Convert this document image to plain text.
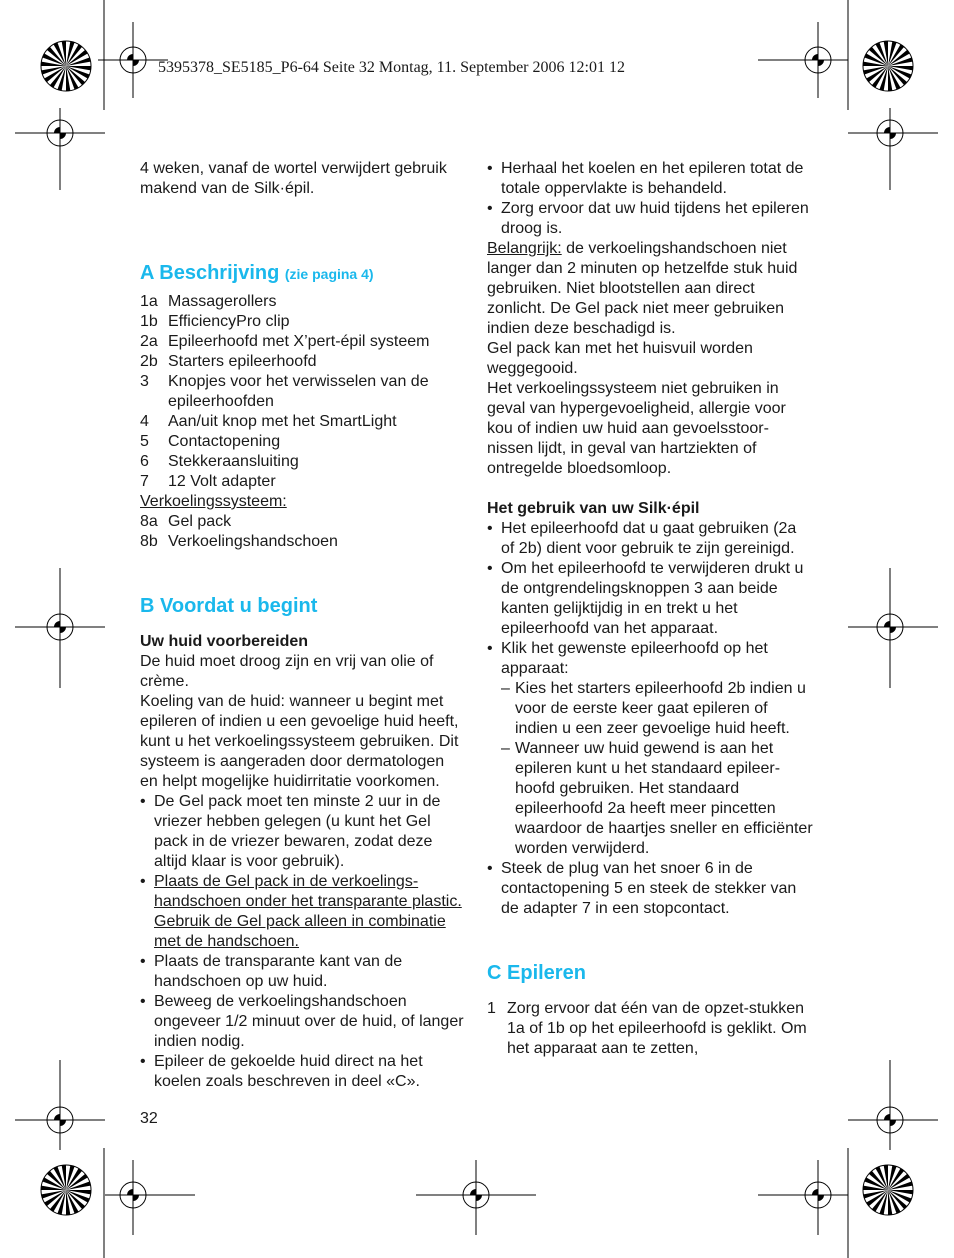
5395378_SE5185_P6-64 Seite 32 Montag, 11. September 2006 12:01 12

4 weken, vanaf de wortel verwijdert gebruik makend van de Silk·épil.

A Beschrijving (zie pagina 4)

1a Massagerollers
1b EfficiencyPro clip
2a Epileerhoofd met X’pert-épil systeem
2b Starters epileerhoofd
3	Knopjes voor het verwisselen van de epileerhoofden
4	Aan/uit knop met het SmartLight
5	Contactopening
6	Stekkeraansluiting
7	12 Volt adapter

Verkoelingssysteem:

8a Gel pack
8b Verkoelingshandschoen

B Voordat u begint

Uw huid voorbereiden

De huid moet droog zijn en vrij van olie of crème.

Koeling van de huid: wanneer u begint met epileren of indien u een gevoelige huid heeft, kunt u het verkoelingssysteem gebruiken. Dit systeem is aangeraden door dermatologen en helpt mogelijke huidirritatie voorkomen.

• De Gel pack moet ten minste 2 uur in de vriezer hebben gelegen (u kunt het Gel pack in de vriezer bewaren, zodat deze altijd klaar is voor gebruik).
• Plaats de Gel pack in de verkoelings-handschoen onder het transparante plastic. Gebruik de Gel pack alleen in combinatie met de handschoen.
• Plaats de transparante kant van de handschoen op uw huid.
• Beweeg de verkoelingshandschoen ongeveer 1/2 minuut over de huid, of langer indien nodig.
• Epileer de gekoelde huid direct na het koelen zoals beschreven in deel «C».
• Herhaal het koelen en het epileren totat de totale oppervlakte is behandeld.
• Zorg ervoor dat uw huid tijdens het epileren droog is.

Belangrijk: de verkoelingshandschoen niet langer dan 2 minuten op hetzelfde stuk huid gebruiken. Niet blootstellen aan direct zonlicht. De Gel pack niet meer gebruiken indien deze beschadigd is.

Gel pack kan met het huisvuil worden weggegooid.

Het verkoelingssysteem niet gebruiken in geval van hypergevoeligheid, allergie voor kou of indien uw huid aan gevoelsstoor-nissen lijdt, in geval van hartziekten of ontregelde bloedsomloop.

Het gebruik van uw Silk·épil

• Het epileerhoofd dat u gaat gebruiken (2a of 2b) dient voor gebruik te zijn gereinigd.
• Om het epileerhoofd te verwijderen drukt u de ontgrendelingsknoppen 3 aan beide kanten gelijktijdig in en trekt u het epileerhoofd van het apparaat.
• Klik het gewenste epileerhoofd op het apparaat:
– Kies het starters epileerhoofd 2b indien u voor de eerste keer gaat epileren of indien u een zeer gevoelige huid heeft.
– Wanneer uw huid gewend is aan het epileren kunt u het standaard epileer-hoofd gebruiken. Het standaard epileerhoofd 2a heeft meer pincetten waardoor de haartjes sneller en efficiënter worden verwijderd.
• Steek de plug van het snoer 6 in de contactopening 5 en steek de stekker van de adapter 7 in een stopcontact.

C Epileren

1 Zorg ervoor dat één van de opzet-stukken 1a of 1b op het epileerhoofd is geklikt. Om het apparaat aan te zetten,
32
